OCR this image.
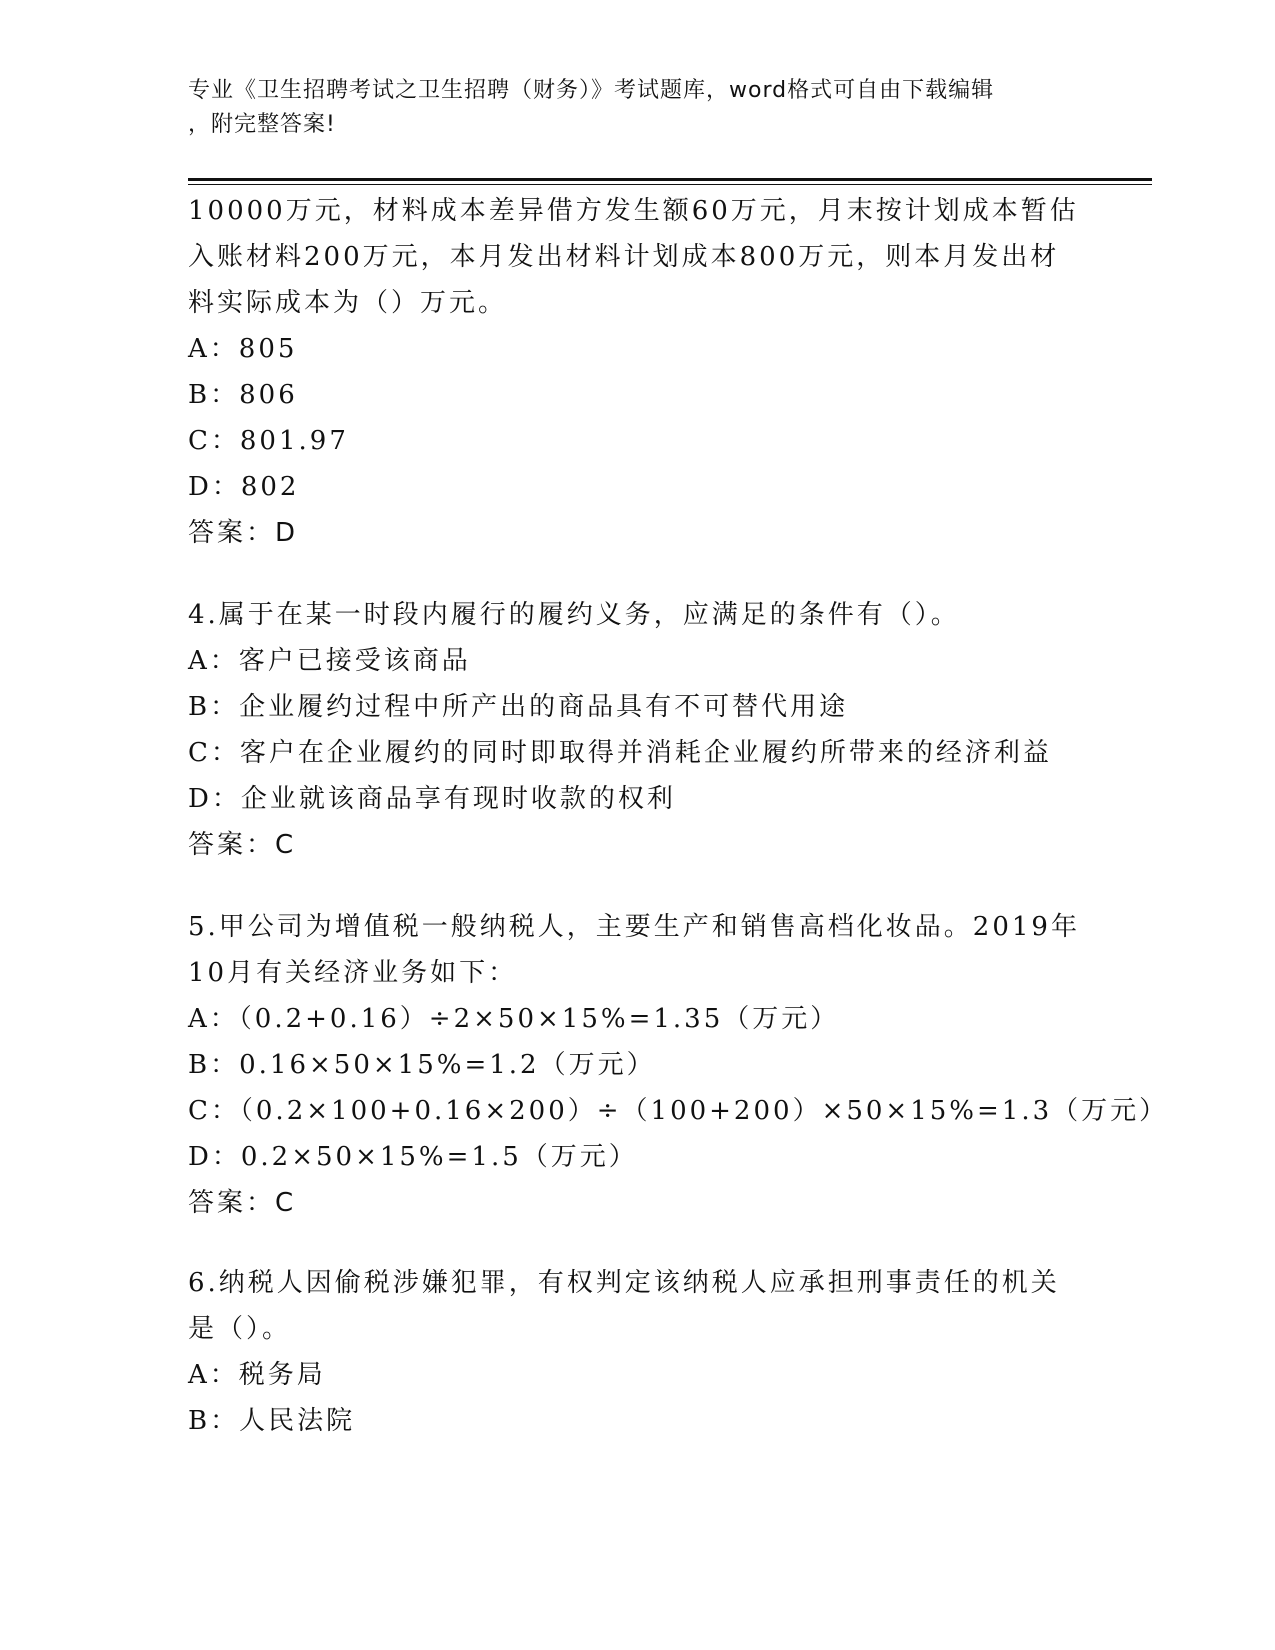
专业《卫生招聘考试之卫生招聘（财务）》考试题库，word格式可自由下载编辑
，附完整答案!
10000万元，材料成本差异借方发生额60万元，月末按计划成本暂估
入账材料200万元，本月发出材料计划成本800万元，则本月发出材
料实际成本为（）万元。
A：805
B：806
C：801.97
D：802
答案：D
4.属于在某一时段内履行的履约义务，应满足的条件有（）。
A：客户已接受该商品
B：企业履约过程中所产出的商品具有不可替代用途
C：客户在企业履约的同时即取得并消耗企业履约所带来的经济利益
D：企业就该商品享有现时收款的权利
答案：C
5.甲公司为增值税一般纳税人，主要生产和销售高档化妆品。2019年
10月有关经济业务如下：
A：（0.2+0.16）÷2×50×15%=1.35（万元）
B：0.16×50×15%=1.2（万元）
C：（0.2×100+0.16×200）÷（100+200）×50×15%=1.3（万元）
D：0.2×50×15%=1.5（万元）
答案：C
6.纳税人因偷税涉嫌犯罪，有权判定该纳税人应承担刑事责任的机关
是（）。
A：税务局
B：人民法院
